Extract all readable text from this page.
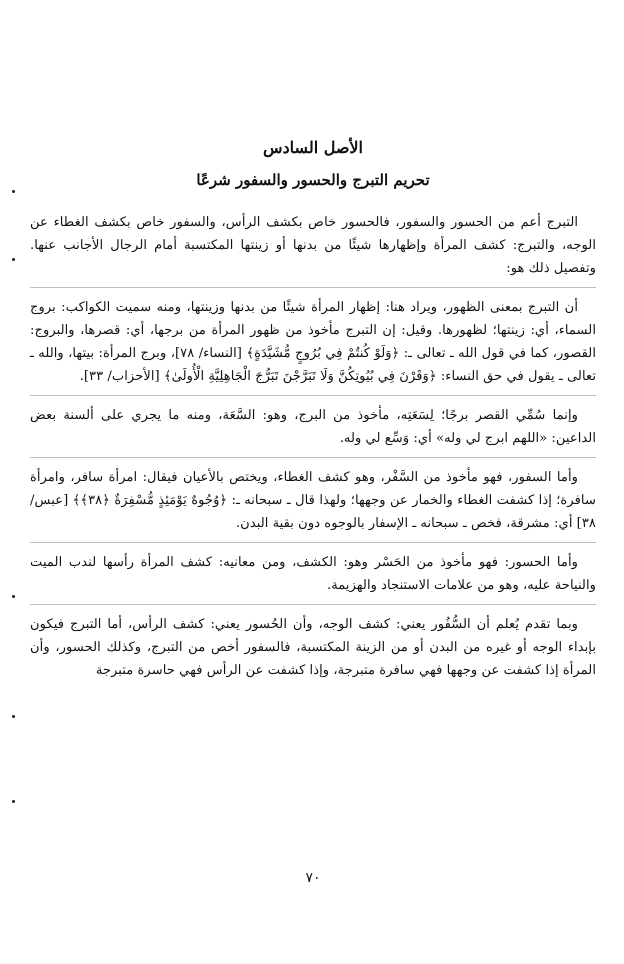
الأصل السادس
تحريم التبرج والحسور والسفور شرعًا

التبرج أعم من الحسور والسفور، فالحسور خاص بكشف الرأس، والسفور خاص بكشف الغطاء عن الوجه، والتبرج: كشف المرأة وإظهارها شيئًا من بدنها أو زينتها المكتسبة أمام الرجال الأجانب عنها. وتفصيل ذلك هو:

أن التبرج بمعنى الظهور، ويراد هنا: إظهار المرأة شيئًا من بدنها وزينتها، ومنه سميت الكواكب: بروج السماء، أي: زينتها؛ لظهورها. وقيل: إن التبرج مأخوذ من ظهور المرأة من برجها، أي: قصرها، والبروج: القصور، كما في قول الله ـ تعالى ـ: ﴿وَلَوْ كُنتُمْ فِي بُرُوجٍ مُّشَيَّدَةٍ﴾ [النساء/ ٧٨]، وبرج المرأة: بيتها، والله ـ تعالى ـ يقول في حق النساء: ﴿وَقَرْنَ فِي بُيُوتِكُنَّ وَلَا تَبَرَّجْنَ تَبَرُّجَ الْجَاهِلِيَّةِ الْأُولَىٰ﴾ [الأحزاب/ ٣٣].

وإنما سُمِّي القصر برجًا؛ لِسَعَتِه، مأخوذ من البرج، وهو: السَّعَة، ومنه ما يجري على ألسنة بعض الداعين: «اللهم ابرج لي وله» أي: وَسِّع لي وله.

وأما السفور، فهو مأخوذ من السَّفْر، وهو كشف الغطاء، ويختص بالأعيان فيقال: امرأة سافر، وامرأة سافرة؛ إذا كشفت الغطاء والخمار عن وجهها؛ ولهذا قال ـ سبحانه ـ: ﴿وُجُوهٌ يَوْمَئِذٍ مُّسْفِرَةٌ ﴿٣٨﴾﴾ [عبس/ ٣٨] أي: مشرقة، فخص ـ سبحانه ـ الإسفار بالوجوه دون بقية البدن.

وأما الحسور: فهو مأخوذ من الحَسْر وهو: الكشف، ومن معانيه: كشف المرأة رأسها لندب الميت والنياحة عليه، وهو من علامات الاستنجاد والهزيمة.

وبما تقدم يُعلم أن السُّفُور يعني: كشف الوجه، وأن الحُسور يعني: كشف الرأس، أما التبرج فيكون بإبداء الوجه أو غيره من البدن أو من الزينة المكتسبة، فالسفور أخص من التبرج، وكذلك الحسور، وأن المرأة إذا كشفت عن وجهها فهي سافرة متبرجة، وإذا كشفت عن الرأس فهي حاسرة متبرجة

٧٠
